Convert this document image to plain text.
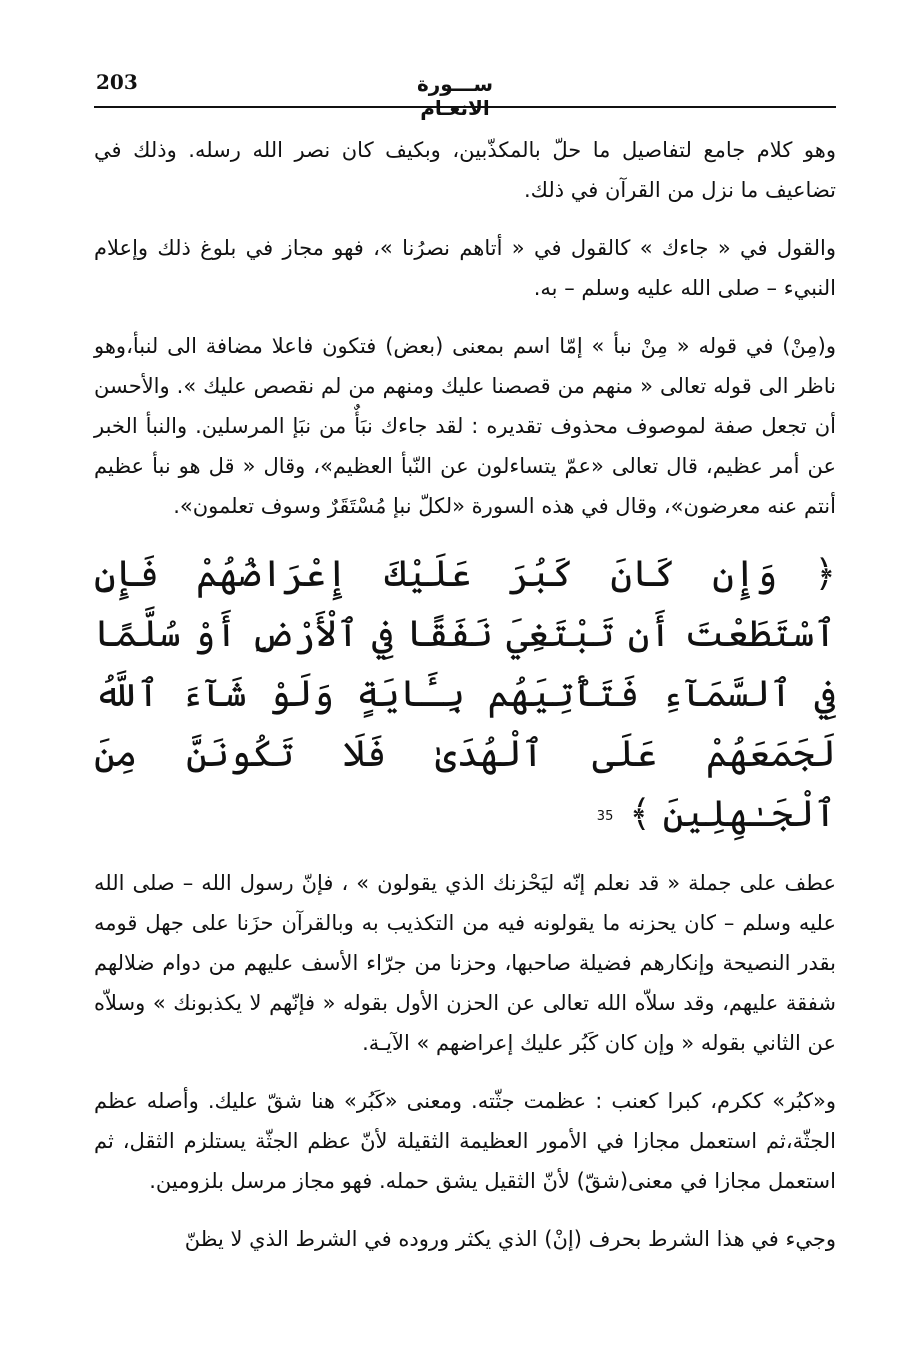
203	ســـورة الانعـام

وهو كلام جامع لتفاصيل ما حلّ بالمكذّبين، وبكيف كان نصر الله رسله. وذلك في تضاعيف ما نزل من القرآن في ذلك.

والقول في « جاءك » كالقول في « أتاهم نصرُنا »، فهو مجاز في بلوغ ذلك وإعلام النبيء – صلى الله عليه وسلم – به.

و(مِنْ) في قوله « مِنْ نبأ » إمّا اسم بمعنى (بعض) فتكون فاعلا مضافة الى لنبأ،وهو ناظر الى قوله تعالى « منهم من قصصنا عليك ومنهم من لم نقصص عليك ». والأحسن أن تجعل صفة لموصوف محذوف تقديره : لقد جاءك نبَأٌ من نبَإ المرسلين. والنبأ الخبر عن أمر عظيم، قال تعالى «عمّ يتساءلون عن النّبأ العظيم»، وقال « قل هو نبأ عظيم أنتم عنه معرضون»، وقال في هذه السورة «لكلّ نبإ مُسْتَقَرٌ وسوف تعلمون».

﴿ وَإِن كَانَ كَبُرَ عَلَيْكَ إِعْرَاضُهُمْ فَإِنِ ٱسْتَطَعْتَ أَن تَبْتَغِيَ نَفَقًا فِي ٱلْأَرْضِ أَوْ سُلَّمًا فِي ٱلسَّمَآءِ فَتَأْتِيَهُم بِـَٔايَةٍ وَلَوْ شَآءَ ٱللَّهُ لَجَمَعَهُمْ عَلَى ٱلْهُدَىٰ فَلَا تَكُونَنَّ مِنَ ٱلْجَـٰهِلِينَ ﴾ 35

عطف على جملة « قد نعلم إنّه ليَحْزنك الذي يقولون » ، فإنّ رسول الله – صلى الله عليه وسلم – كان يحزنه ما يقولونه فيه من التكذيب به وبالقرآن حزَنا على جهل قومه بقدر النصيحة وإنكارهم فضيلة صاحبها، وحزنا من جرّاء الأسف عليهم من دوام ضلالهم شفقة عليهم، وقد سلاّه الله تعالى عن الحزن الأول بقوله « فإنّهم لا يكذبونك » وسلاّه عن الثاني بقوله « وإن كان كَبُر عليك إعراضهم » الآيـة.

و«كبُر» ككرم، كبرا كعنب : عظمت جثّته. ومعنى «كَبُر» هنا شقّ عليك. وأصله عظم الجثّة،ثم استعمل مجازا في الأمور العظيمة الثقيلة لأنّ عظم الجثّة يستلزم الثقل، ثم استعمل مجازا في معنى(شقّ) لأنّ الثقيل يشق حمله. فهو مجاز مرسل بلزومين.

وجيء في هذا الشرط بحرف (إنْ) الذي يكثر وروده في الشرط الذي لا يظنّ
